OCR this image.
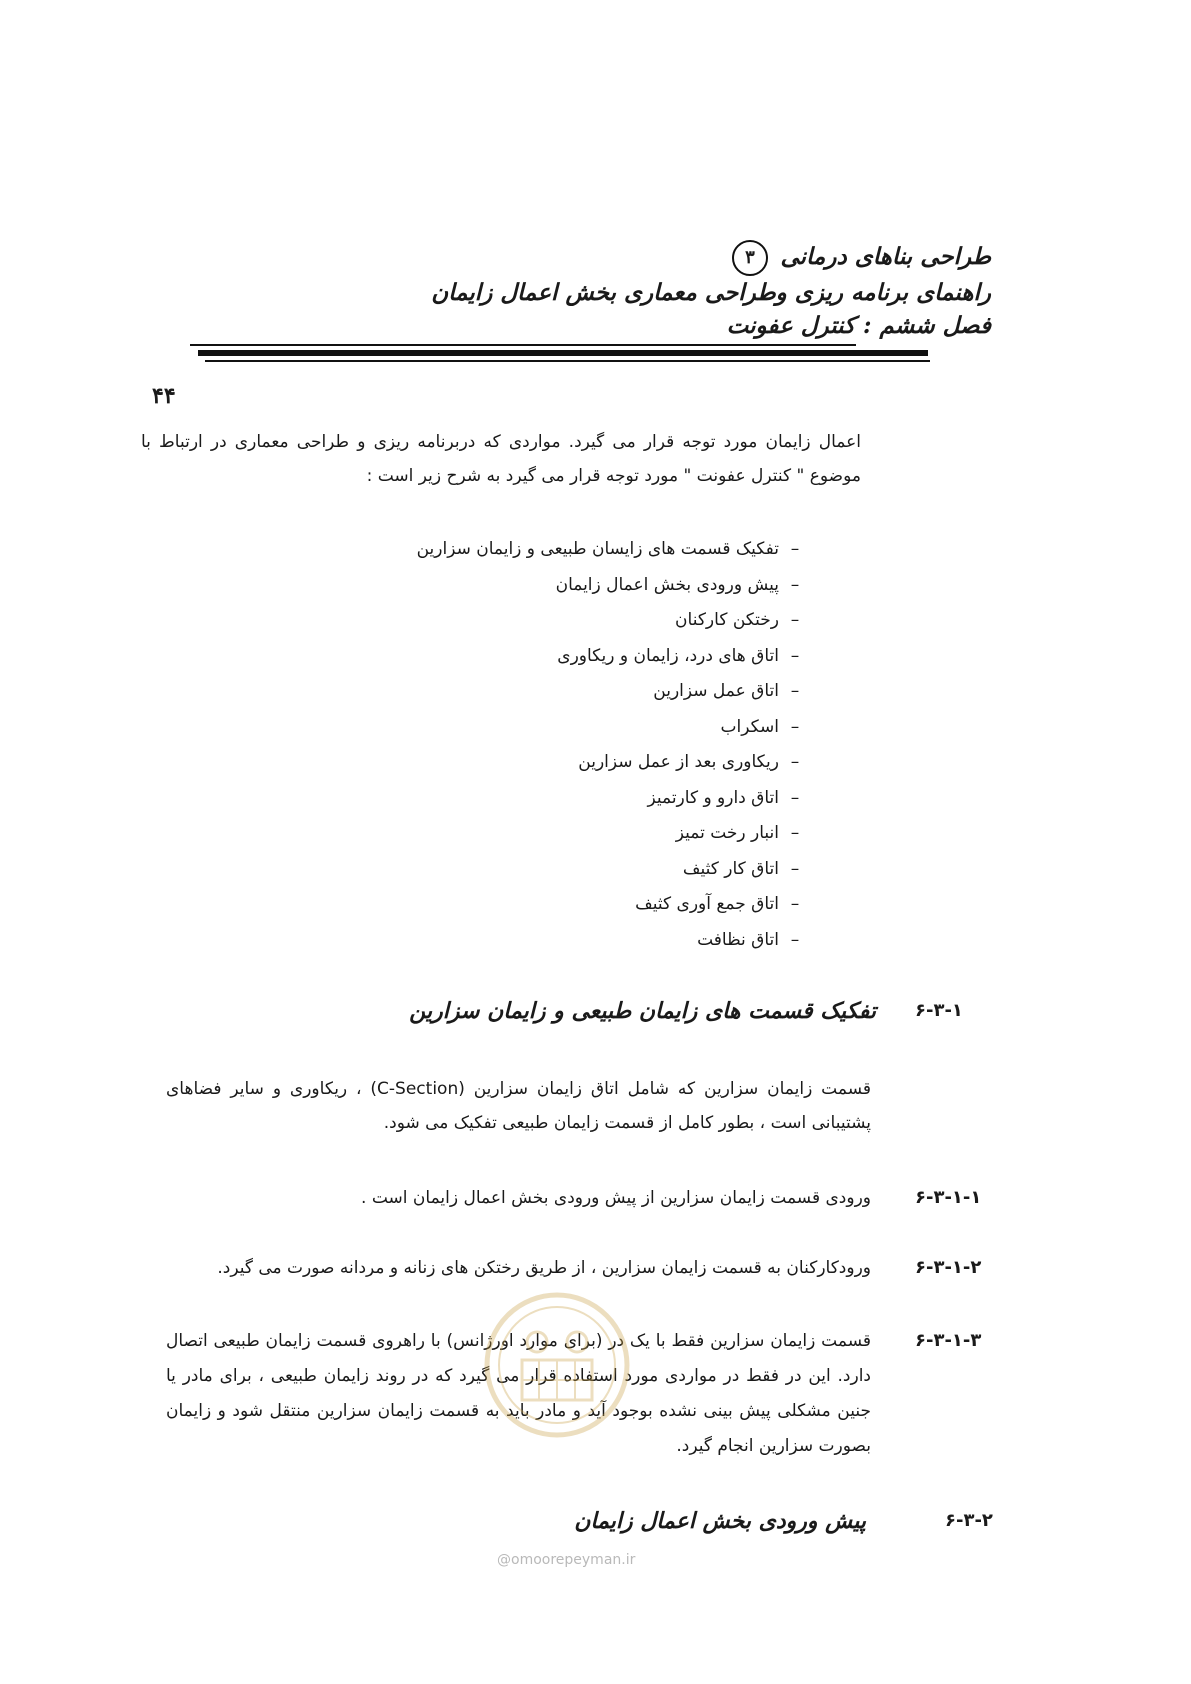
طراحی بناهای درمانی
۳
راهنمای برنامه ریزی وطراحی معماری بخش اعمال زایمان
فصل ششم : کنترل عفونت
۴۴
اعمال زایمان مورد توجه قرار می گیرد. مواردی که دربرنامه ریزی و طراحی معماری در ارتباط با
موضوع " کنترل عفونت " مورد توجه قرار می گیرد به شرح زیر است :
–تفکیک قسمت های زایسان طبیعی و زایمان سزارین
–پیش ورودی بخش اعمال زایمان
–رختکن کارکنان
–اتاق های درد، زایمان و ریکاوری
–اتاق عمل سزارین
–اسکراب
–ریکاوری بعد از عمل سزارین
–اتاق دارو و کارتمیز
–انبار رخت تمیز
–اتاق کار کثیف
–اتاق جمع آوری کثیف
–اتاق نظافت
۶-۳-۱
تفکیک قسمت های زایمان طبیعی و زایمان سزارین
قسمت زایمان سزارین که شامل اتاق زایمان سزارین (C-Section) ، ریکاوری و سایر فضاهای
پشتیبانی است ، بطور کامل از قسمت زایمان طبیعی تفکیک می شود.
۶-۳-۱-۱
ورودی قسمت زایمان سزارین از پیش ورودی بخش اعمال زایمان است .
۶-۳-۱-۲
ورودکارکنان به قسمت زایمان سزارین ، از طریق رختکن های زنانه و مردانه صورت می گیرد.
۶-۳-۱-۳
قسمت زایمان سزارین فقط با یک در (برای موارد اورژانس) با راهروی قسمت زایمان طبیعی اتصال
دارد. این در فقط در مواردی مورد استفاده قرار می گیرد که در روند زایمان طبیعی ، برای مادر یا
جنین مشکلی پیش بینی نشده بوجود آید و مادر باید به قسمت زایمان سزارین منتقل شود و زایمان
بصورت سزارین انجام گیرد.
۶-۳-۲
پیش ورودی بخش اعمال زایمان
@omoorepeyman.ir
